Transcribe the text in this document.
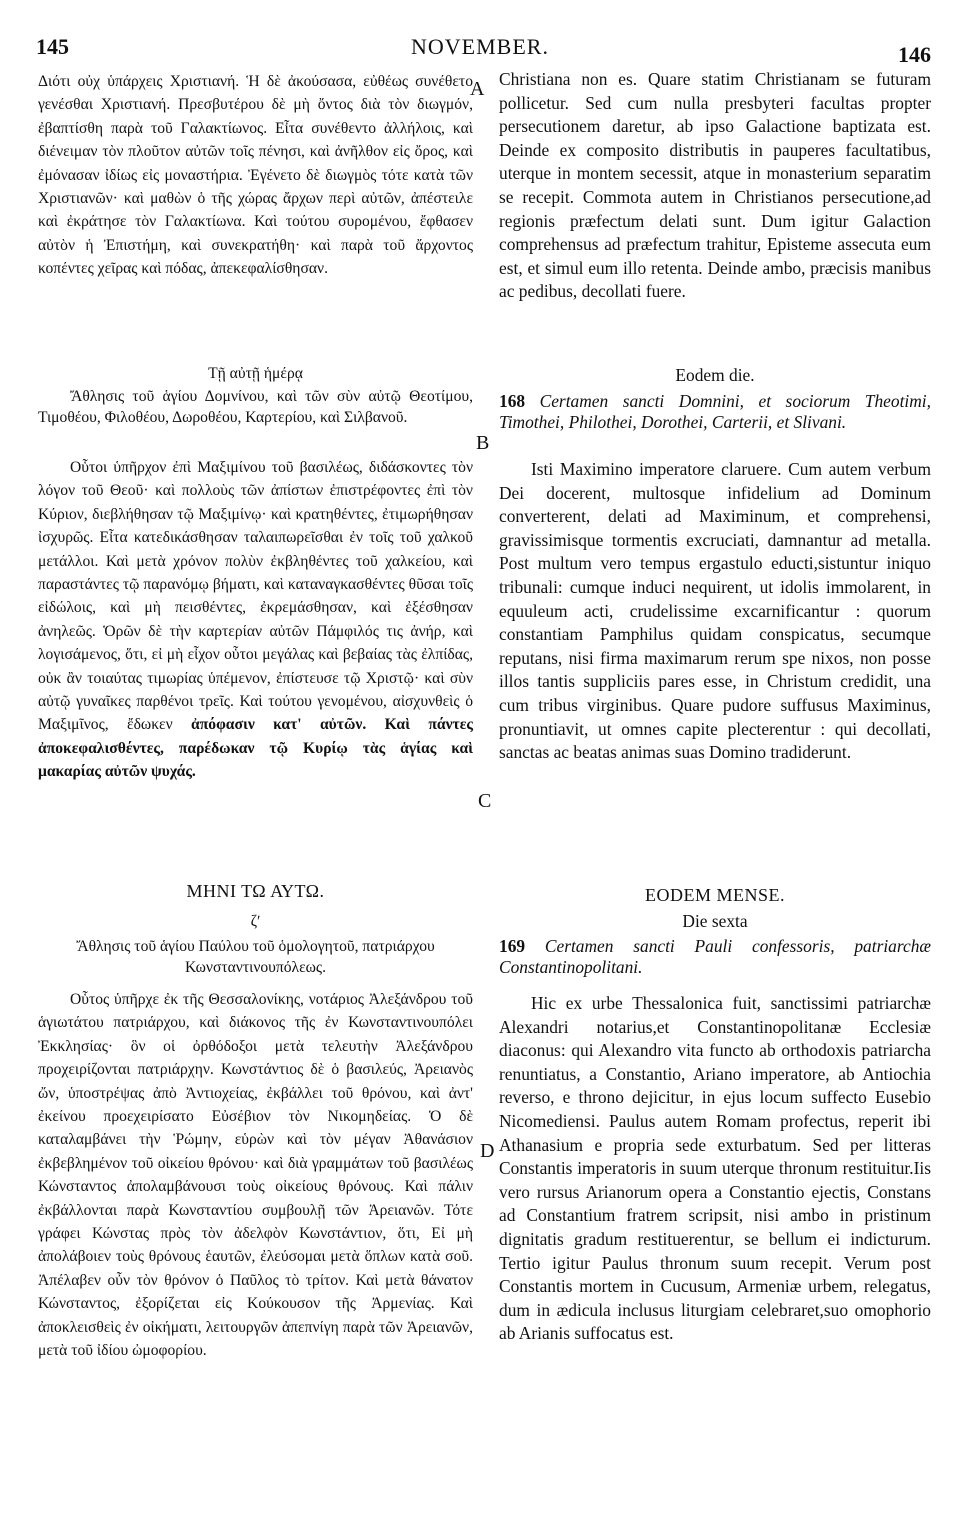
145	NOVEMBER.	146
A
B
C
D

Διότι οὐχ ὑπάρχεις Χριστιανή. Ἡ δὲ ἀκούσασα, εὐθέως συνέθετο γενέσθαι Χριστιανή. Πρεσβυτέρου δὲ μὴ ὄντος διὰ τὸν διωγμόν, ἐβαπτίσθη παρὰ τοῦ Γαλακτίωνος. Εἶτα συνέθεντο ἀλλήλοις, καὶ διένειμαν τὸν πλοῦτον αὐτῶν τοῖς πένησι, καὶ ἀνῆλθον εἰς ὄρος, καὶ ἐμόνασαν ἰδίως εἰς μοναστήρια. Ἐγένετο δὲ διωγμὸς τότε κατὰ τῶν Χριστιανῶν· καὶ μαθὼν ὁ τῆς χώρας ἄρχων περὶ αὐτῶν, ἀπέστειλε καὶ ἐκράτησε τὸν Γαλακτίωνα. Καὶ τούτου συρομένου, ἔφθασεν αὐτὸν ἡ Ἐπιστήμη, καὶ συνεκρατήθη· καὶ παρὰ τοῦ ἄρχοντος κοπέντες χεῖρας καὶ πόδας, ἀπεκεφαλίσθησαν.

Τῇ αὐτῇ ἡμέρᾳ

Ἄθλησις τοῦ ἁγίου Δομνίνου, καὶ τῶν σὺν αὐτῷ Θεοτίμου, Τιμοθέου, Φιλοθέου, Δωροθέου, Καρτερίου, καὶ Σιλβανοῦ.

Οὗτοι ὑπῆρχον ἐπὶ Μαξιμίνου τοῦ βασιλέως, διδάσκοντες τὸν λόγον τοῦ Θεοῦ· καὶ πολλοὺς τῶν ἀπίστων ἐπιστρέφοντες ἐπὶ τὸν Κύριον, διεβλήθησαν τῷ Μαξιμίνῳ· καὶ κρατηθέντες, ἐτιμωρήθησαν ἰσχυρῶς. Εἶτα κατεδικάσθησαν ταλαιπωρεῖσθαι ἐν τοῖς τοῦ χαλκοῦ μετάλλοι. Καὶ μετὰ χρόνον πολὺν ἐκβληθέντες τοῦ χαλκείου, καὶ παραστάντες τῷ παρανόμῳ βήματι, καὶ καταναγκασθέντες θῦσαι τοῖς εἰδώλοις, καὶ μὴ πεισθέντες, ἐκρεμάσθησαν, καὶ ἐξέσθησαν ἀνηλεῶς. Ὁρῶν δὲ τὴν καρτερίαν αὐτῶν Πάμφιλός τις ἀνήρ, καὶ λογισάμενος, ὅτι, εἰ μὴ εἶχον οὗτοι μεγάλας καὶ βεβαίας τὰς ἐλπίδας, οὐκ ἂν τοιαύτας τιμωρίας ὑπέμενον, ἐπίστευσε τῷ Χριστῷ· καὶ σὺν αὐτῷ γυναῖκες παρθένοι τρεῖς. Καὶ τούτου γενομένου, αἰσχυνθεὶς ὁ Μαξιμῖνος, ἔδωκεν ἀπόφασιν κατ' αὐτῶν. Καὶ πάντες ἀποκεφαλισθέντες, παρέδωκαν τῷ Κυρίῳ τὰς ἁγίας καὶ μακαρίας αὐτῶν ψυχάς.

ΜΗΝΙ ΤΩ ΑΥΤΩ.
ζʹ

Ἄθλησις τοῦ ἁγίου Παύλου τοῦ ὁμολογητοῦ, πατριάρχου Κωνσταντινουπόλεως.

Οὗτος ὑπῆρχε ἐκ τῆς Θεσσαλονίκης, νοτάριος Ἀλεξάνδρου τοῦ ἁγιωτάτου πατριάρχου, καὶ διάκονος τῆς ἐν Κωνσταντινουπόλει Ἐκκλησίας· ὃν οἱ ὀρθόδοξοι μετὰ τελευτὴν Ἀλεξάνδρου προχειρίζονται πατριάρχην. Κωνστάντιος δὲ ὁ βασιλεύς, Ἀρειανὸς ὤν, ὑποστρέψας ἀπὸ Ἀντιοχείας, ἐκβάλλει τοῦ θρόνου, καὶ ἀντ' ἐκείνου προεχειρίσατο Εὐσέβιον τὸν Νικομηδείας. Ὁ δὲ καταλαμβάνει τὴν Ῥώμην, εὑρὼν καὶ τὸν μέγαν Ἀθανάσιον ἐκβεβλημένον τοῦ οἰκείου θρόνου· καὶ διὰ γραμμάτων τοῦ βασιλέως Κώνσταντος ἀπολαμβάνουσι τοὺς οἰκείους θρόνους. Καὶ πάλιν ἐκβάλλονται παρὰ Κωνσταντίου συμβουλῇ τῶν Ἀρειανῶν. Τότε γράφει Κώνστας πρὸς τὸν ἀδελφὸν Κωνστάντιον, ὅτι, Εἰ μὴ ἀπολάβοιεν τοὺς θρόνους ἑαυτῶν, ἐλεύσομαι μετὰ ὅπλων κατὰ σοῦ. Ἀπέλαβεν οὖν τὸν θρόνον ὁ Παῦλος τὸ τρίτον. Καὶ μετὰ θάνατον Κώνσταντος, ἐξορίζεται εἰς Κούκουσον τῆς Ἀρμενίας. Καὶ ἀποκλεισθεὶς ἐν οἰκήματι, λειτουργῶν ἀπεπνίγη παρὰ τῶν Ἀρειανῶν, μετὰ τοῦ ἰδίου ὠμοφορίου.

Christiana non es. Quare statim Christianam se futuram pollicetur. Sed cum nulla presbyteri facultas propter persecutionem daretur, ab ipso Galactione baptizata est. Deinde ex composito distributis in pauperes facultatibus, uterque in montem secessit, atque in monasterium separatim se recepit. Commota autem in Christianos persecutione,ad regionis præfectum delati sunt. Dum igitur Galaction comprehensus ad præfectum trahitur, Episteme assecuta eum est, et simul eum illo retenta. Deinde ambo, præcisis manibus ac pedibus, decollati fuere.

Eodem die.

168 Certamen sancti Domnini, et sociorum Theotimi, Timothei, Philothei, Dorothei, Carterii, et Slivani.

Isti Maximino imperatore claruere. Cum autem verbum Dei docerent, multosque infidelium ad Dominum converterent, delati ad Maximinum, et comprehensi, gravissimisque tormentis excruciati, damnantur ad metalla. Post multum vero tempus ergastulo educti,sistuntur iniquo tribunali: cumque induci nequirent, ut idolis immolarent, in equuleum acti, crudelissime excarnificantur : quorum constantiam Pamphilus quidam conspicatus, secumque reputans, nisi firma maximarum rerum spe nixos, non posse illos tantis suppliciis pares esse, in Christum credidit, una cum tribus virginibus. Quare pudore suffusus Maximinus, pronuntiavit, ut omnes capite plecterentur : qui decollati, sanctas ac beatas animas suas Domino tradiderunt.

EODEM MENSE.
Die sexta

169 Certamen sancti Pauli confessoris, patriarchæ Constantinopolitani.

Hic ex urbe Thessalonica fuit, sanctissimi patriarchæ Alexandri notarius,et Constantinopolitanæ Ecclesiæ diaconus: qui Alexandro vita functo ab orthodoxis patriarcha renuntiatus, a Constantio, Ariano imperatore, ab Antiochia reverso, e throno dejicitur, in ejus locum suffecto Eusebio Nicomediensi. Paulus autem Romam profectus, reperit ibi Athanasium e propria sede exturbatum. Sed per litteras Constantis imperatoris in suum uterque thronum restituitur.Iis vero rursus Arianorum opera a Constantio ejectis, Constans ad Constantium fratrem scripsit, nisi ambo in pristinum dignitatis gradum restituerentur, se bellum ei indicturum. Tertio igitur Paulus thronum suum recepit. Verum post Constantis mortem in Cucusum, Armeniæ urbem, relegatus, dum in ædicula inclusus liturgiam celebraret,suo omophorio ab Arianis suffocatus est.
